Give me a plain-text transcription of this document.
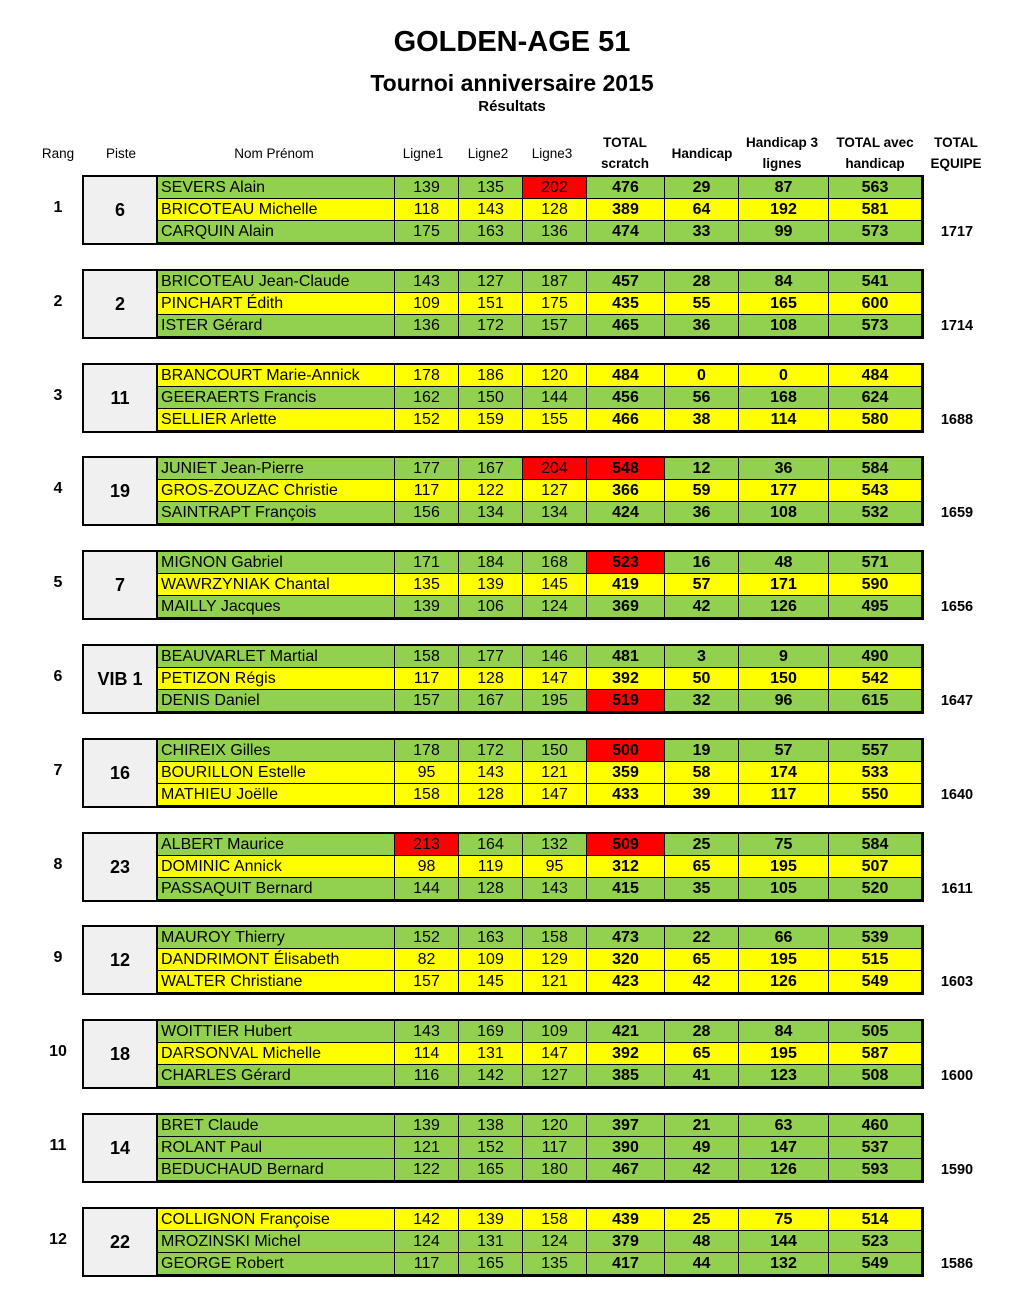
GOLDEN-AGE 51
Tournoi anniversaire 2015
Résultats
Rang	Piste	Nom Prénom	Ligne1	Ligne2	Ligne3
TOTAL
scratch
Handicap
Handicap 3
lignes
TOTAL avec
handicap
TOTAL
EQUIPE
1	6
SEVERS Alain	139	135	202	476	29	87	563
BRICOTEAU Michelle	118	143	128	389	64	192	581
CARQUIN Alain	175	163	136	474	33	99	573	1717
2	2
BRICOTEAU Jean-Claude	143	127	187	457	28	84	541
PINCHART Édith	109	151	175	435	55	165	600
ISTER Gérard	136	172	157	465	36	108	573	1714
3	11
BRANCOURT Marie-Annick	178	186	120	484	0	0	484
GEERAERTS Francis	162	150	144	456	56	168	624
SELLIER Arlette	152	159	155	466	38	114	580	1688
4	19
JUNIET Jean-Pierre	177	167	204	548	12	36	584
GROS-ZOUZAC Christie	117	122	127	366	59	177	543
SAINTRAPT François	156	134	134	424	36	108	532	1659
5	7
MIGNON Gabriel	171	184	168	523	16	48	571
WAWRZYNIAK Chantal	135	139	145	419	57	171	590
MAILLY Jacques	139	106	124	369	42	126	495	1656
6	VIB 1
BEAUVARLET Martial	158	177	146	481	3	9	490
PETIZON Régis	117	128	147	392	50	150	542
DENIS Daniel	157	167	195	519	32	96	615	1647
7	16
CHIREIX Gilles	178	172	150	500	19	57	557
BOURILLON Estelle	95	143	121	359	58	174	533
MATHIEU Joëlle	158	128	147	433	39	117	550	1640
8	23
ALBERT Maurice	213	164	132	509	25	75	584
DOMINIC Annick	98	119	95	312	65	195	507
PASSAQUIT Bernard	144	128	143	415	35	105	520	1611
9	12
MAUROY Thierry	152	163	158	473	22	66	539
DANDRIMONT Élisabeth	82	109	129	320	65	195	515
WALTER Christiane	157	145	121	423	42	126	549	1603
10	18
WOITTIER Hubert	143	169	109	421	28	84	505
DARSONVAL Michelle	114	131	147	392	65	195	587
CHARLES Gérard	116	142	127	385	41	123	508	1600
11	14
BRET Claude	139	138	120	397	21	63	460
ROLANT Paul	121	152	117	390	49	147	537
BEDUCHAUD Bernard	122	165	180	467	42	126	593	1590
12	22
COLLIGNON Françoise	142	139	158	439	25	75	514
MROZINSKI Michel	124	131	124	379	48	144	523
GEORGE Robert	117	165	135	417	44	132	549	1586
